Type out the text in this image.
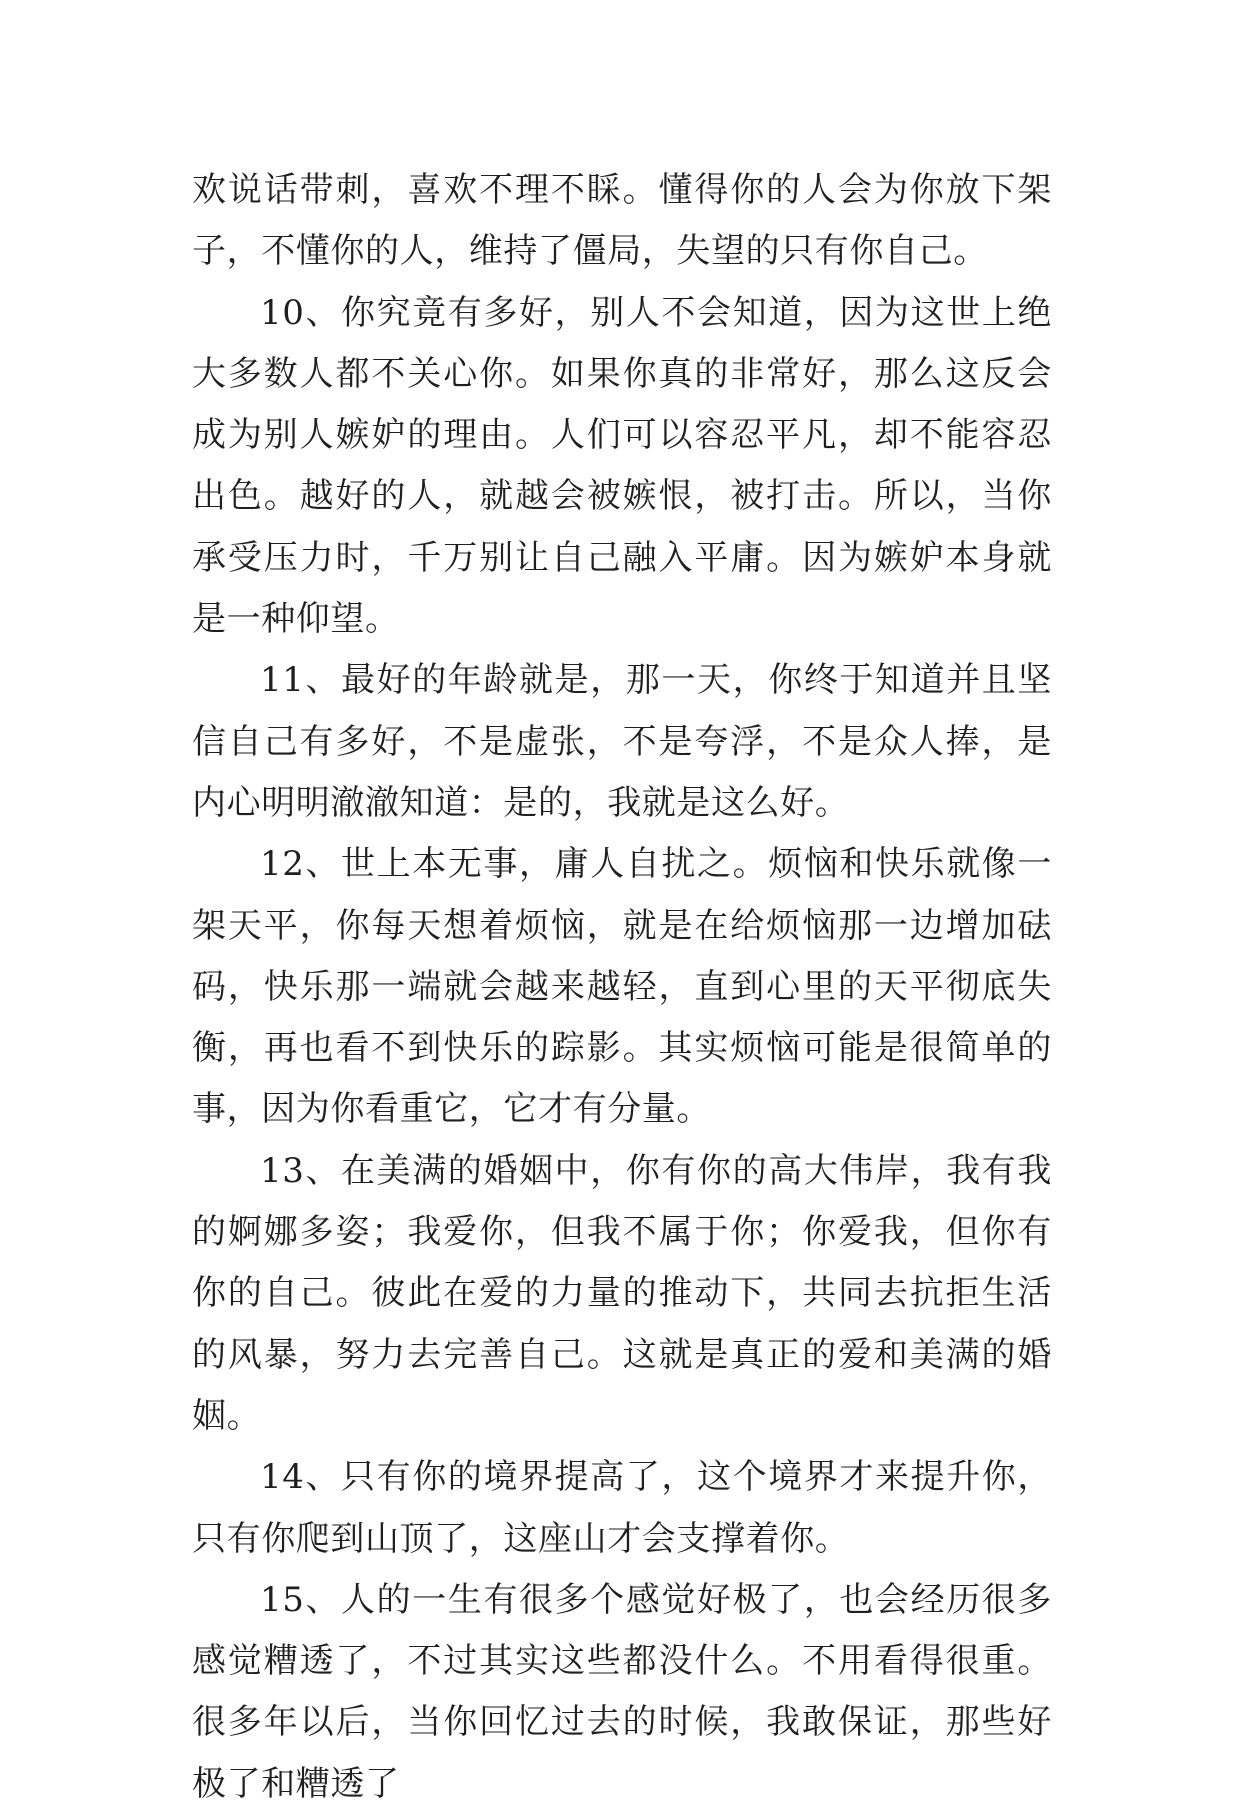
欢说话带刺，喜欢不理不睬。懂得你的人会为你放下架子，不懂你的人，维持了僵局，失望的只有你自己。

10、你究竟有多好，别人不会知道，因为这世上绝大多数人都不关心你。如果你真的非常好，那么这反会成为别人嫉妒的理由。人们可以容忍平凡，却不能容忍出色。越好的人，就越会被嫉恨，被打击。所以，当你承受压力时，千万别让自己融入平庸。因为嫉妒本身就是一种仰望。

11、最好的年龄就是，那一天，你终于知道并且坚信自己有多好，不是虚张，不是夸浮，不是众人捧，是内心明明澈澈知道：是的，我就是这么好。

12、世上本无事，庸人自扰之。烦恼和快乐就像一架天平，你每天想着烦恼，就是在给烦恼那一边增加砝码，快乐那一端就会越来越轻，直到心里的天平彻底失衡，再也看不到快乐的踪影。其实烦恼可能是很简单的事，因为你看重它，它才有分量。

13、在美满的婚姻中，你有你的高大伟岸，我有我的婀娜多姿；我爱你，但我不属于你；你爱我，但你有你的自己。彼此在爱的力量的推动下，共同去抗拒生活的风暴，努力去完善自己。这就是真正的爱和美满的婚姻。

14、只有你的境界提高了，这个境界才来提升你，只有你爬到山顶了，这座山才会支撑着你。

15、人的一生有很多个感觉好极了，也会经历很多感觉糟透了，不过其实这些都没什么。不用看得很重。很多年以后，当你回忆过去的时候，我敢保证，那些好极了和糟透了
